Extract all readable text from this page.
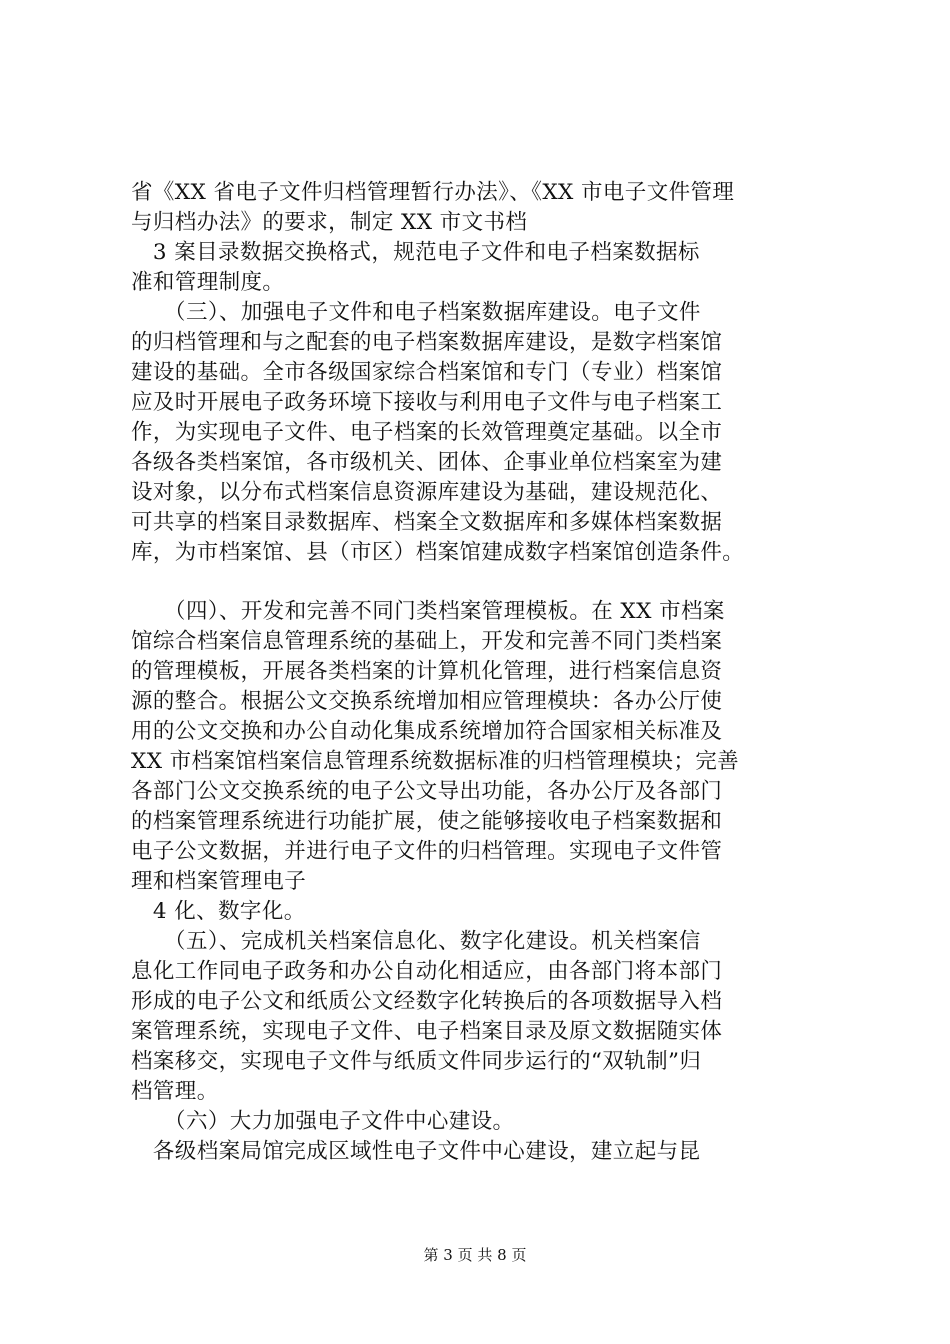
省《XX 省电子文件归档管理暂行办法》、《XX 市电子文件管理
与归档办法》的要求，制定 XX 市文书档
　3 案目录数据交换格式，规范电子文件和电子档案数据标
准和管理制度。
　　（三）、加强电子文件和电子档案数据库建设。电子文件
的归档管理和与之配套的电子档案数据库建设，是数字档案馆
建设的基础。全市各级国家综合档案馆和专门（专业）档案馆
应及时开展电子政务环境下接收与利用电子文件与电子档案工
作，为实现电子文件、电子档案的长效管理奠定基础。以全市
各级各类档案馆，各市级机关、团体、企事业单位档案室为建
设对象，以分布式档案信息资源库建设为基础，建设规范化、
可共享的档案目录数据库、档案全文数据库和多媒体档案数据
库，为市档案馆、县（市区）档案馆建成数字档案馆创造条件。
　　（四）、开发和完善不同门类档案管理模板。在 XX 市档案
馆综合档案信息管理系统的基础上，开发和完善不同门类档案
的管理模板，开展各类档案的计算机化管理，进行档案信息资
源的整合。根据公文交换系统增加相应管理模块：各办公厅使
用的公文交换和办公自动化集成系统增加符合国家相关标准及
XX 市档案馆档案信息管理系统数据标准的归档管理模块；完善
各部门公文交换系统的电子公文导出功能，各办公厅及各部门
的档案管理系统进行功能扩展，使之能够接收电子档案数据和
电子公文数据，并进行电子文件的归档管理。实现电子文件管
理和档案管理电子
　4 化、数字化。
　　（五）、完成机关档案信息化、数字化建设。机关档案信
息化工作同电子政务和办公自动化相适应，由各部门将本部门
形成的电子公文和纸质公文经数字化转换后的各项数据导入档
案管理系统，实现电子文件、电子档案目录及原文数据随实体
档案移交，实现电子文件与纸质文件同步运行的“双轨制”归
档管理。
　　（六）大力加强电子文件中心建设。
　各级档案局馆完成区域性电子文件中心建设，建立起与昆
第 3 页 共 8 页
